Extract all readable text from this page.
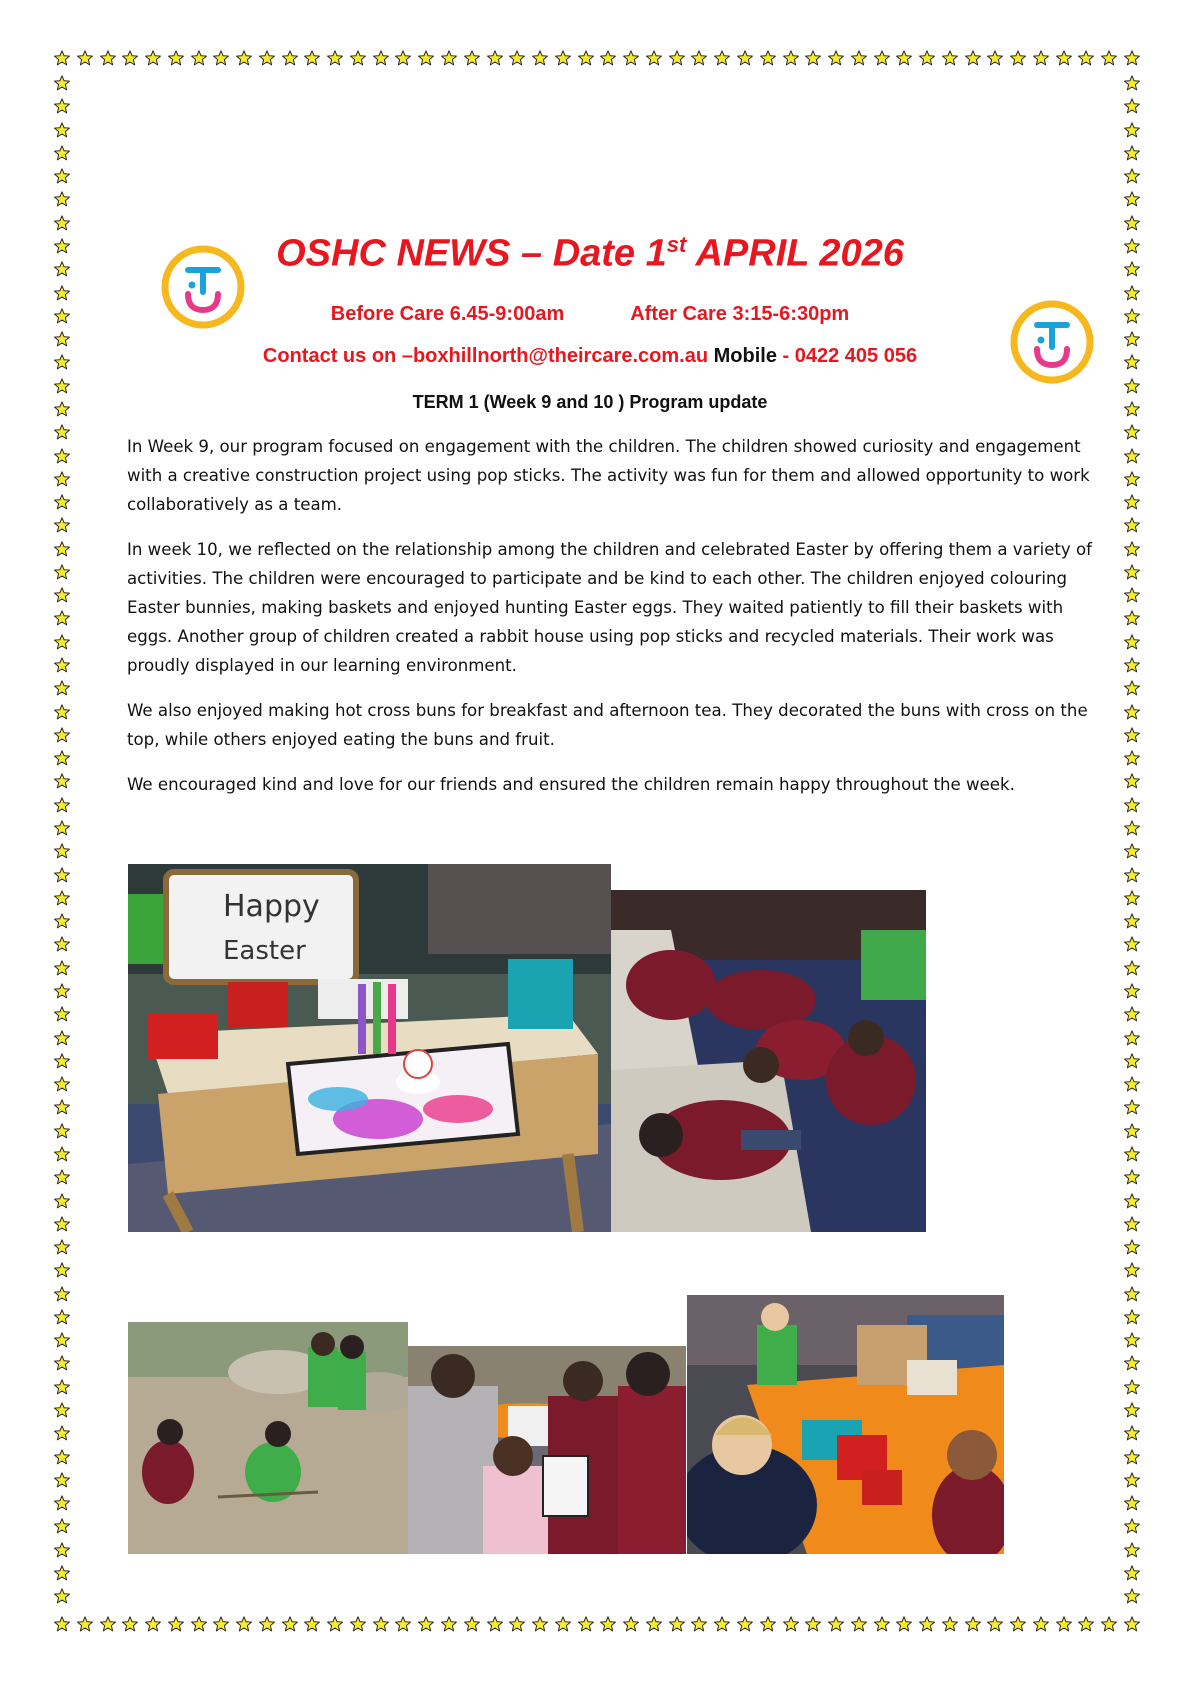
OSHC NEWS – Date 1st APRIL 2026
Before Care 6.45-9:00am	After Care 3:15-6:30pm
Contact us on –boxhillnorth@theircare.com.au Mobile - 0422 405 056
TERM 1 (Week 9 and 10 ) Program update

In Week 9, our program focused on engagement with the children. The children showed curiosity and engagement with a creative construction project using pop sticks. The activity was fun for them and allowed opportunity to work collaboratively as a team.

In week 10, we reflected on the relationship among the children and celebrated Easter by offering them a variety of activities. The children were encouraged to participate and be kind to each other. The children enjoyed colouring Easter bunnies, making baskets and enjoyed hunting Easter eggs. They waited patiently to fill their baskets with eggs. Another group of children created a rabbit house using pop sticks and recycled materials. Their work was proudly displayed in our learning environment.

We also enjoyed making hot cross buns for breakfast and afternoon tea. They decorated the buns with cross on the top, while others enjoyed eating the buns and fruit.

We encouraged kind and love for our friends and ensured the children remain happy throughout the week.

Happy
Easter
